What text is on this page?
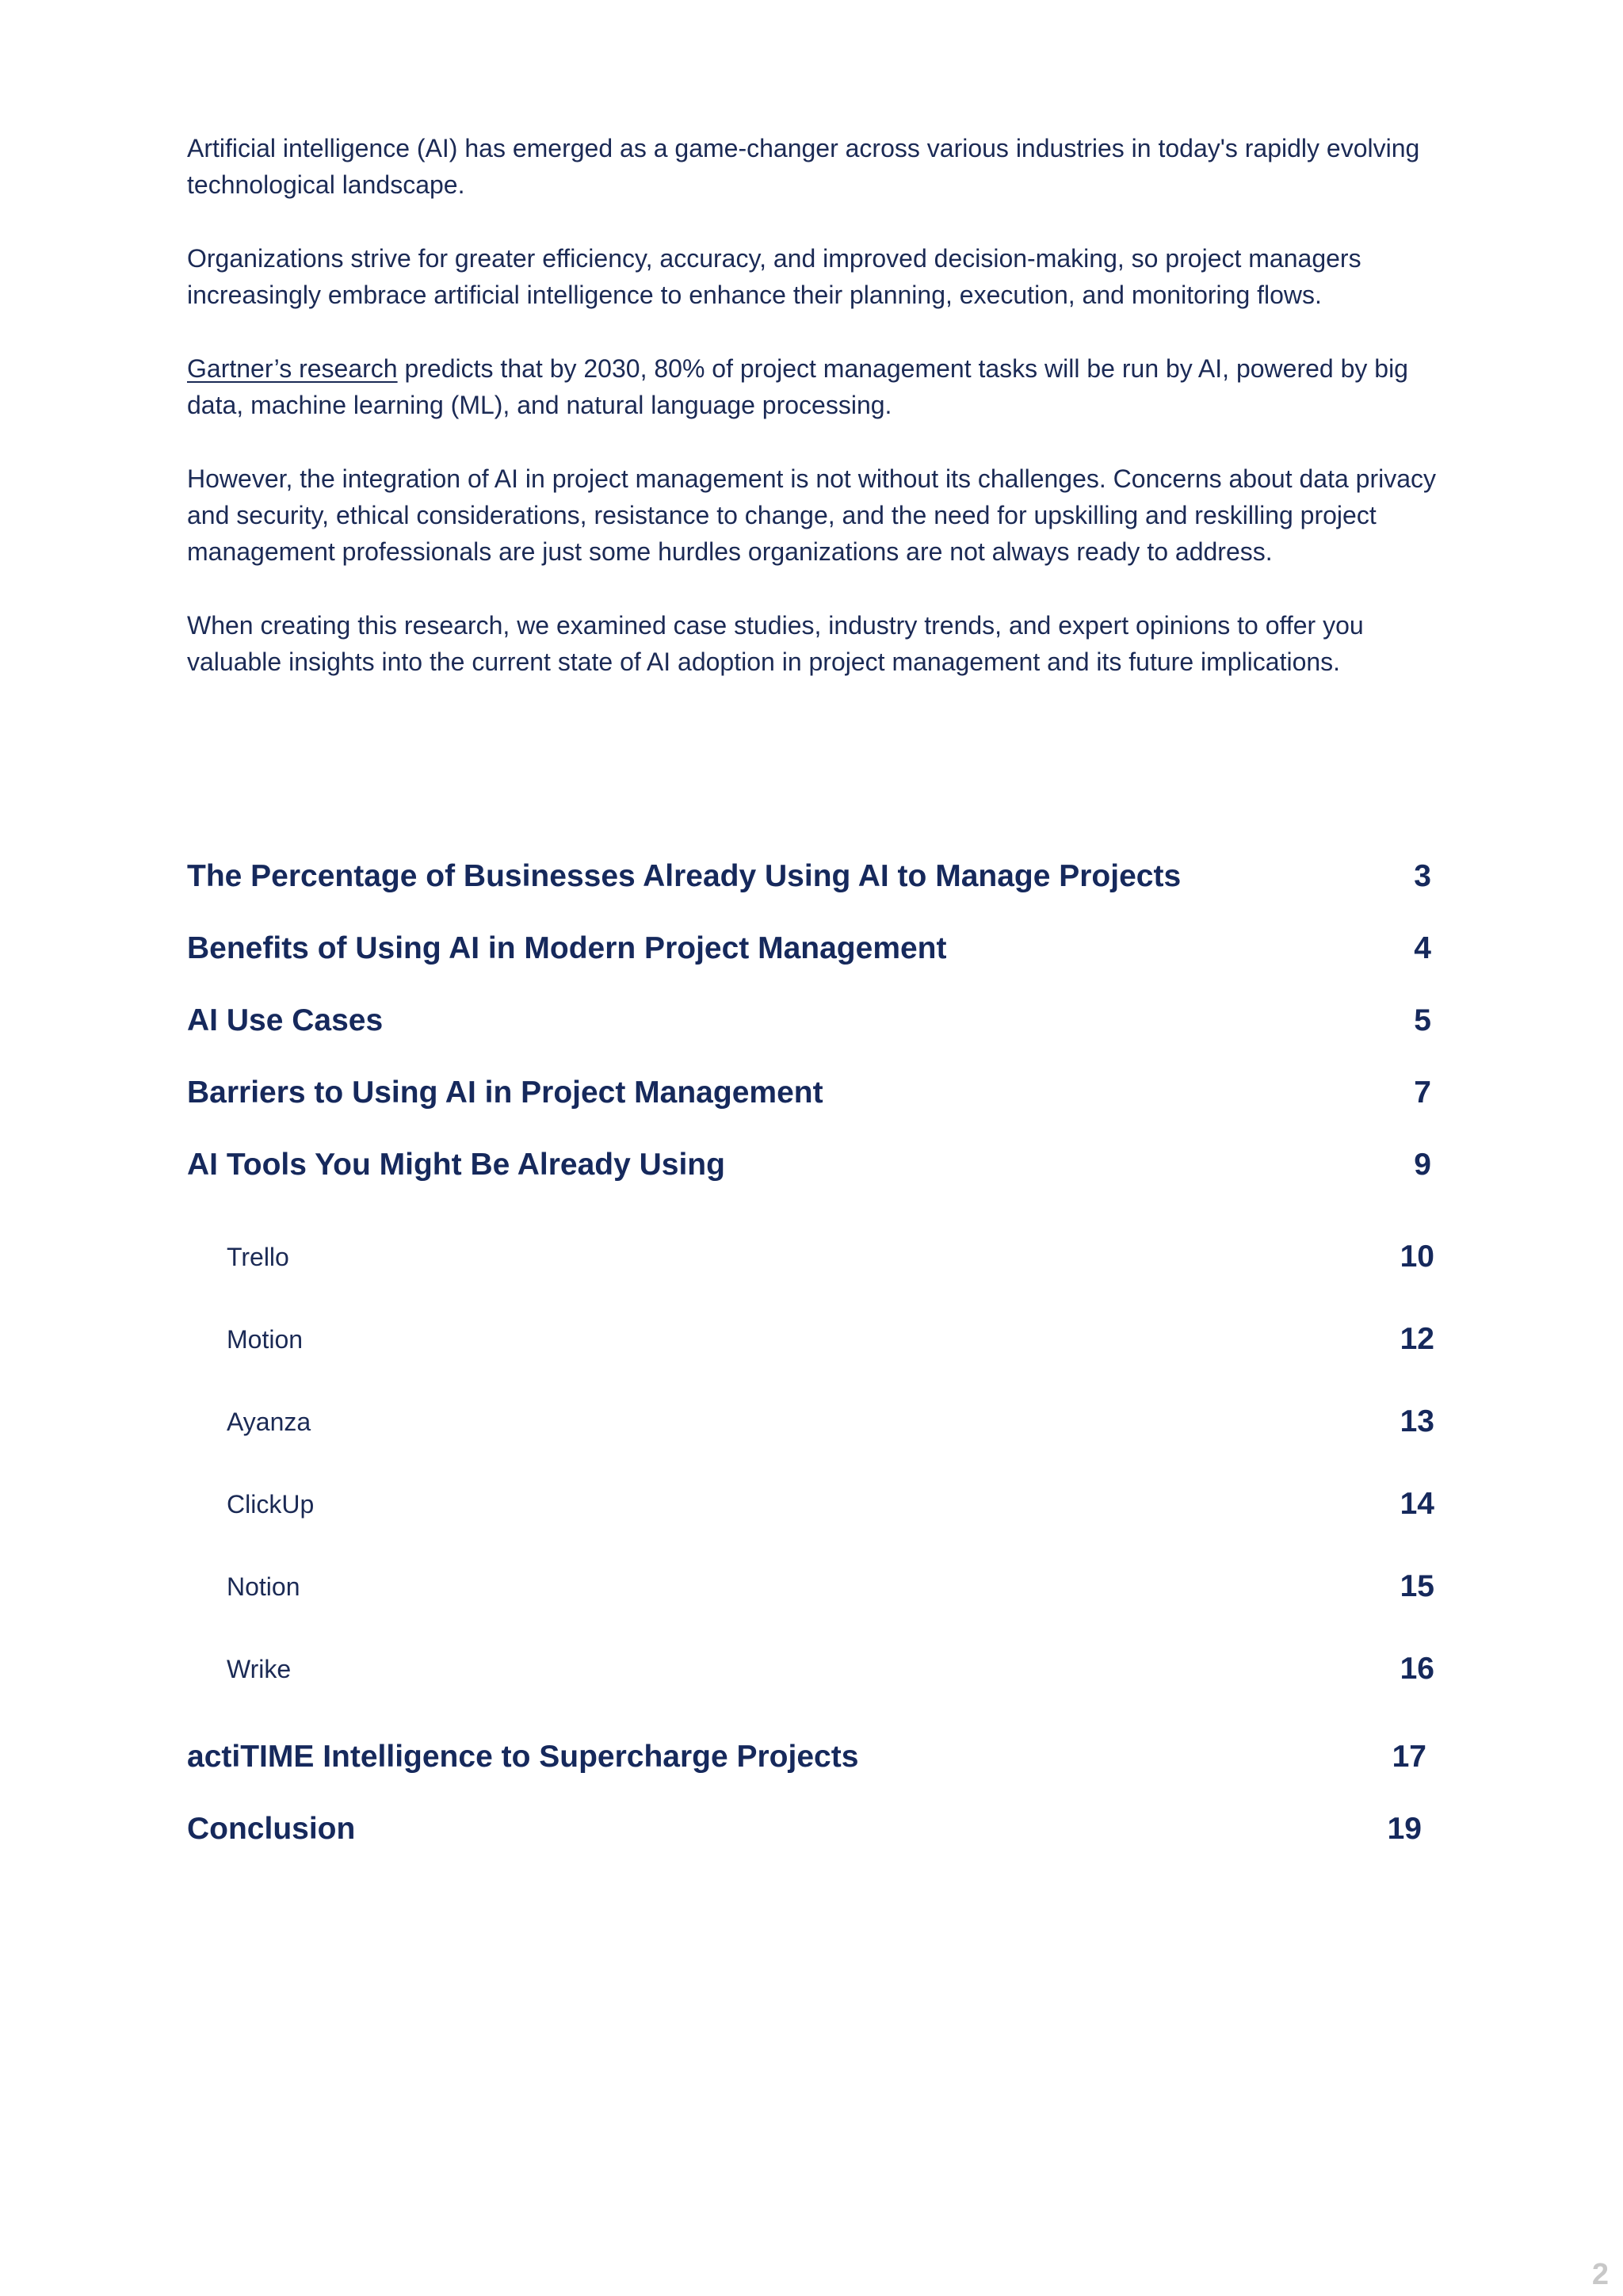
Artificial intelligence (AI) has emerged as a game-changer across various industries in today's rapidly evolving technological landscape.

Organizations strive for greater efficiency, accuracy, and improved decision-making, so project managers increasingly embrace artificial intelligence to enhance their planning, execution, and monitoring flows.

Gartner’s research predicts that by 2030, 80% of project management tasks will be run by AI, powered by big data, machine learning (ML), and natural language processing.

However, the integration of AI in project management is not without its challenges. Concerns about data privacy and security, ethical considerations, resistance to change, and the need for upskilling and reskilling project management professionals are just some hurdles organizations are not always ready to address.

When creating this research, we examined case studies, industry trends, and expert opinions to offer you valuable insights into the current state of AI adoption in project management and its future implications.

The Percentage of Businesses Already Using AI to Manage Projects	3
Benefits of Using AI in Modern Project Management	4
AI Use Cases	5
Barriers to Using AI in Project Management	7
AI Tools You Might Be Already Using	9
Trello	10
Motion	12
Ayanza	13
ClickUp	14
Notion	15
Wrike	16
actiTIME Intelligence to Supercharge Projects	17
Conclusion	19
2
